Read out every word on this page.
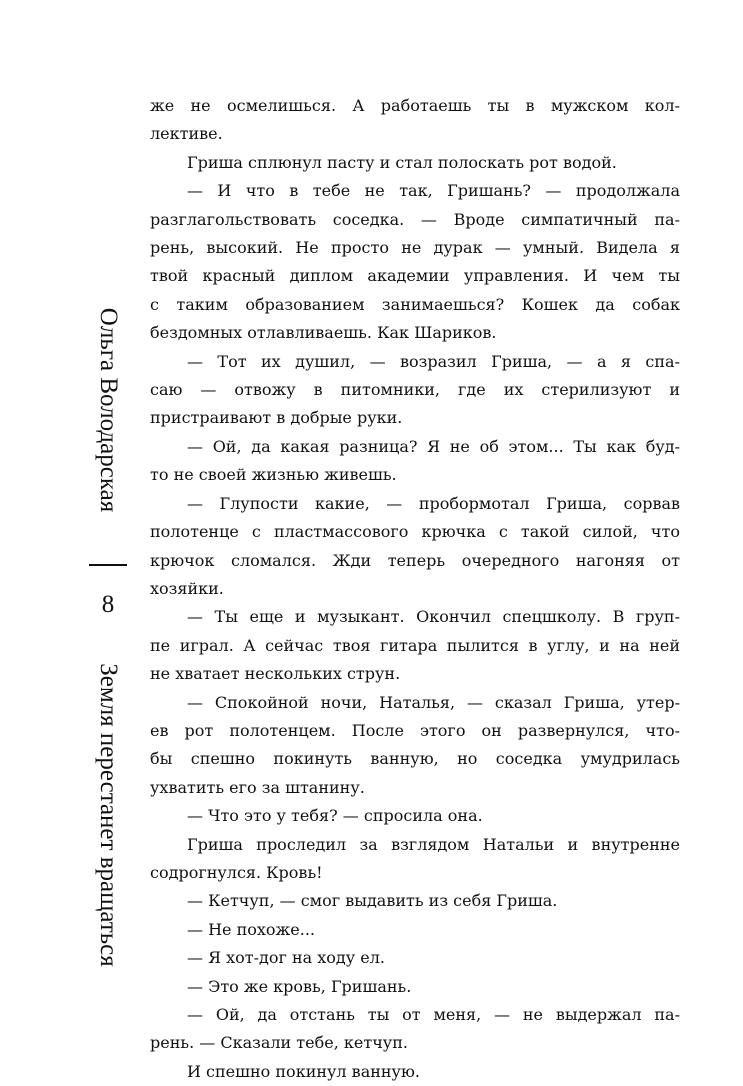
Ольга Володарская
8
Земля перестанет вращаться
же не осмелишься. А работаешь ты в мужском кол-
лективе.
Гриша сплюнул пасту и стал полоскать рот водой.
— И что в тебе не так, Гришань? — продолжала
разглагольствовать соседка. — Вроде симпатичный па-
рень, высокий. Не просто не дурак — умный. Видела я
твой красный диплом академии управления. И чем ты
с таким образованием занимаешься? Кошек да собак
бездомных отлавливаешь. Как Шариков.
— Тот их душил, — возразил Гриша, — а я спа-
саю — отвожу в питомники, где их стерилизуют и
пристраивают в добрые руки.
— Ой, да какая разница? Я не об этом... Ты как буд-
то не своей жизнью живешь.
— Глупости какие, — пробормотал Гриша, сорвав
полотенце с пластмассового крючка с такой силой, что
крючок сломался. Жди теперь очередного нагоняя от
хозяйки.
— Ты еще и музыкант. Окончил спецшколу. В груп-
пе играл. А сейчас твоя гитара пылится в углу, и на ней
не хватает нескольких струн.
— Спокойной ночи, Наталья, — сказал Гриша, утер-
ев рот полотенцем. После этого он развернулся, что-
бы спешно покинуть ванную, но соседка умудрилась
ухватить его за штанину.
— Что это у тебя? — спросила она.
Гриша проследил за взглядом Натальи и внутренне
содрогнулся. Кровь!
— Кетчуп, — смог выдавить из себя Гриша.
— Не похоже...
— Я хот-дог на ходу ел.
— Это же кровь, Гришань.
— Ой, да отстань ты от меня, — не выдержал па-
рень. — Сказали тебе, кетчуп.
И спешно покинул ванную.
